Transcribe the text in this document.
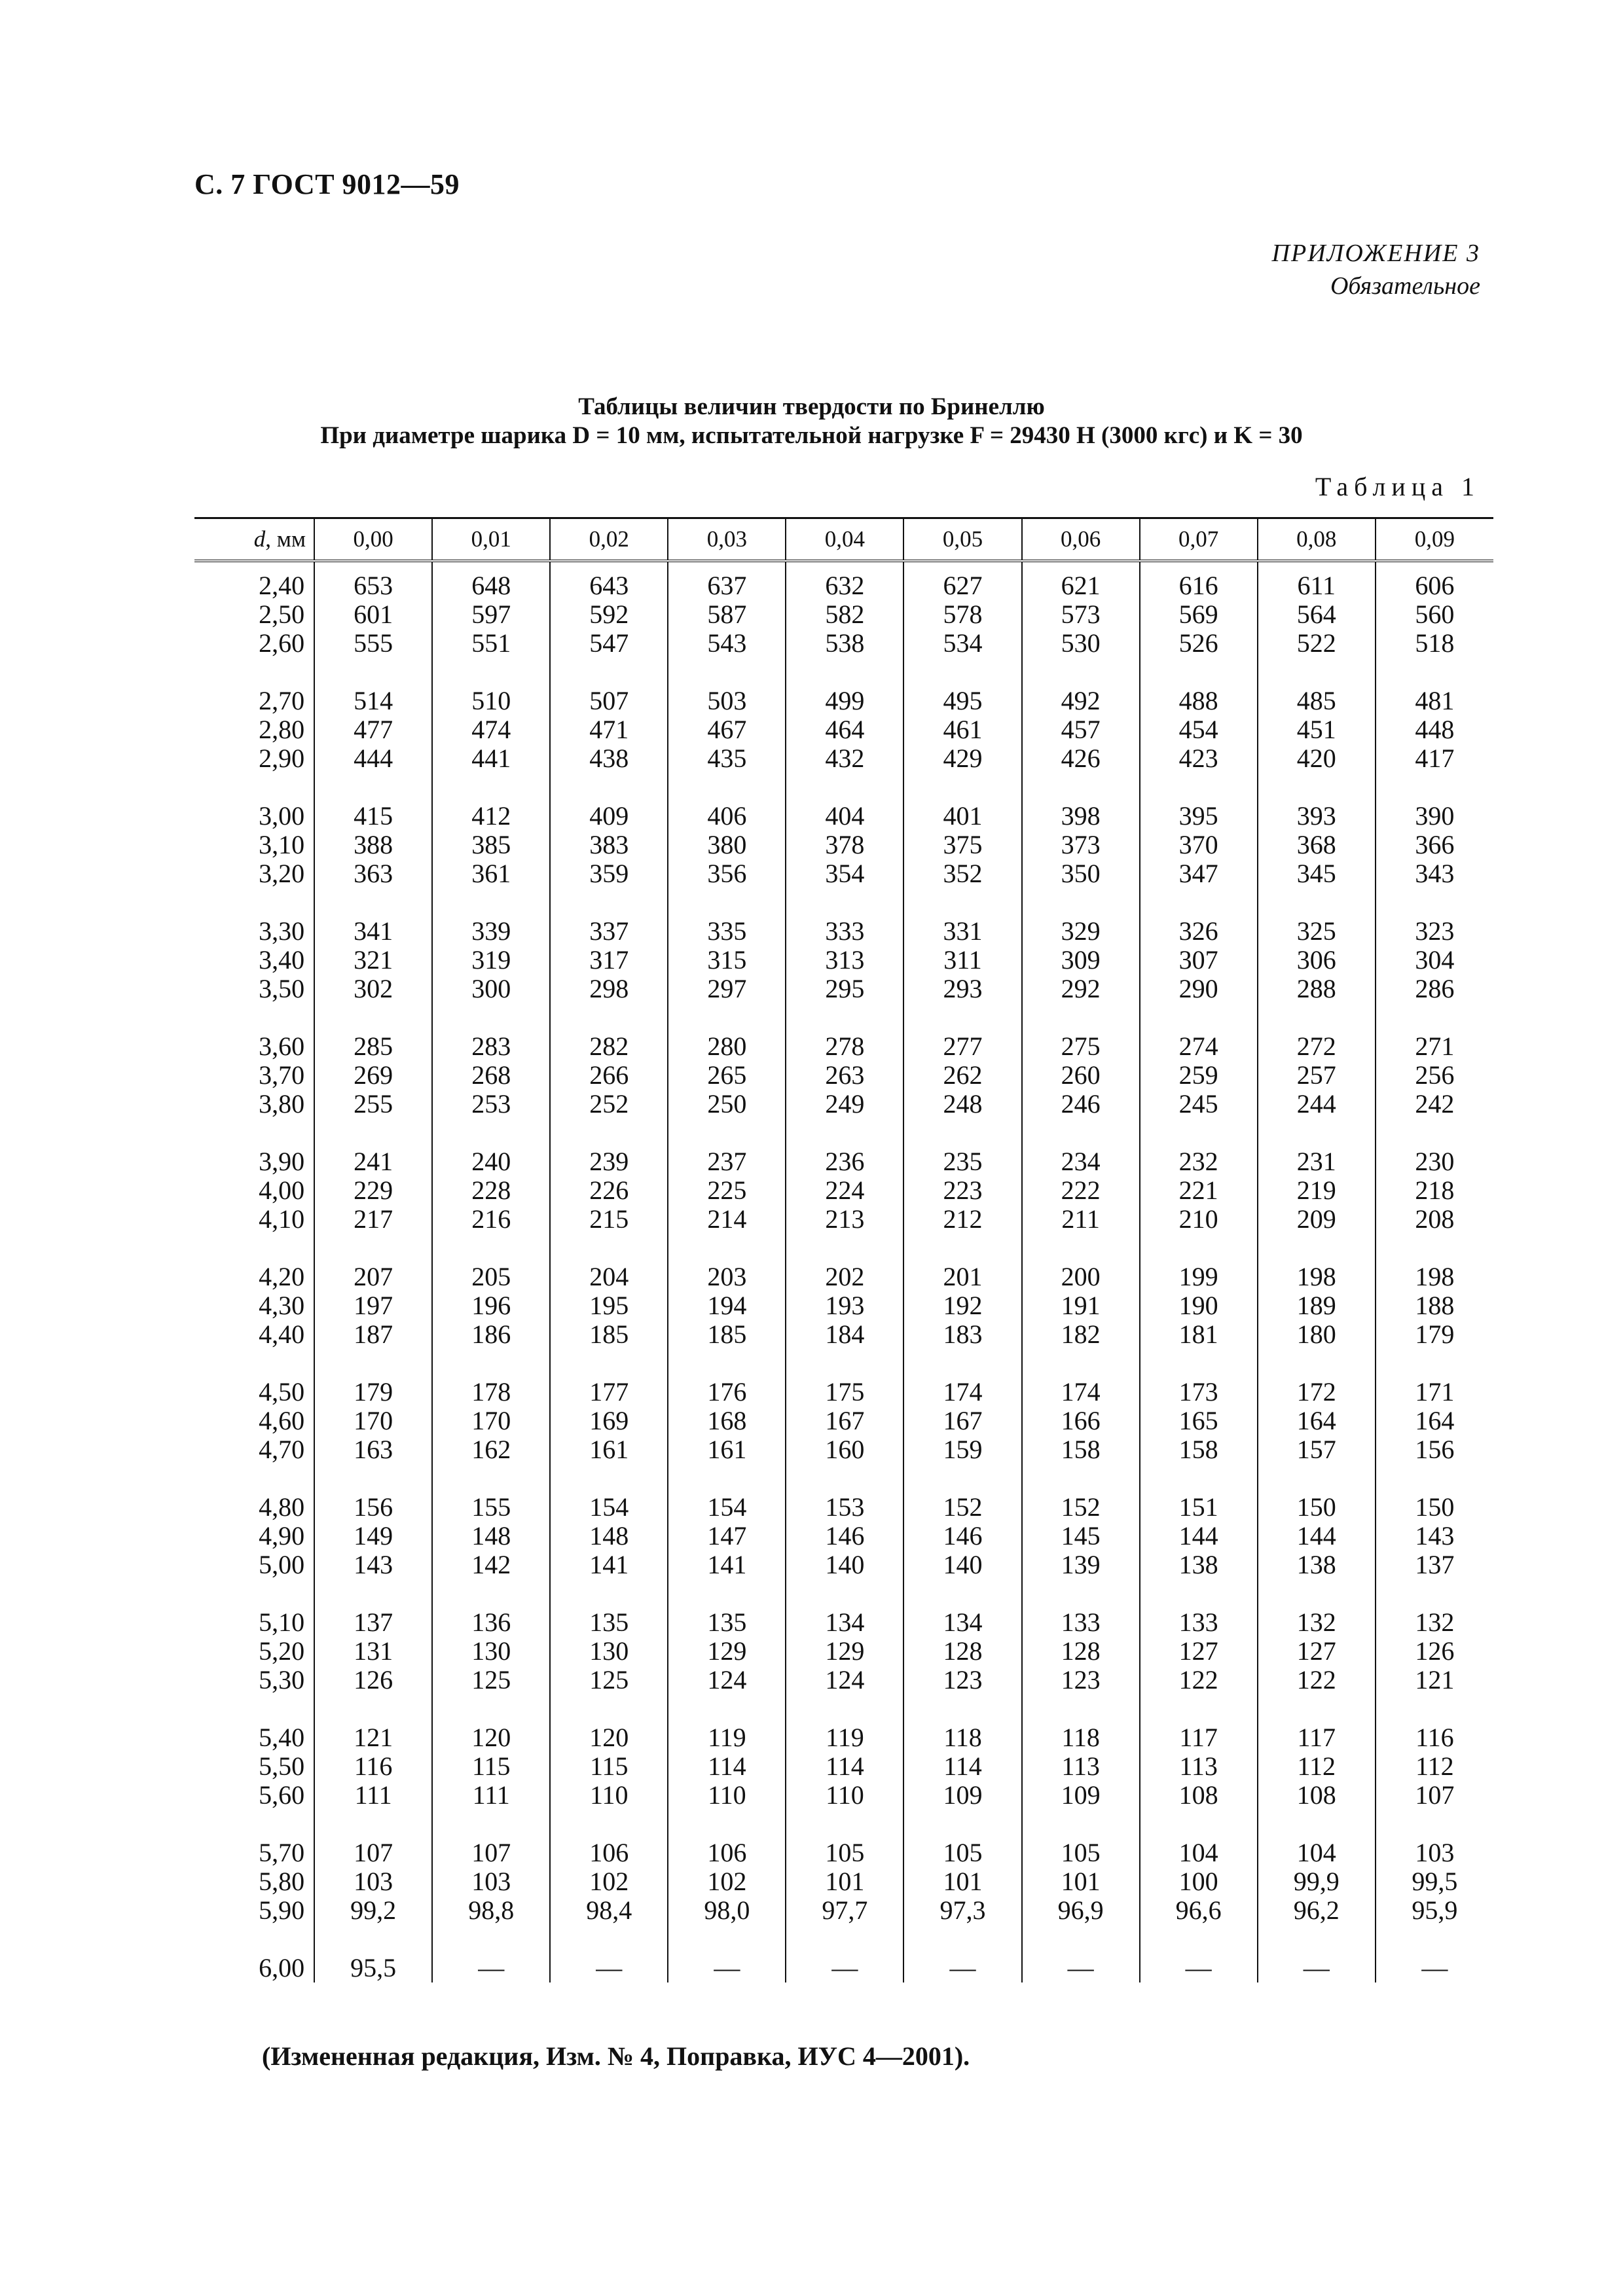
С. 7 ГОСТ 9012—59
ПРИЛОЖЕНИЕ 3
Обязательное
Таблицы величин твердости по Бринеллю
При диаметре шарика D = 10 мм, испытательной нагрузке F = 29430 Н (3000 кгс) и K = 30
Таблица 1
d, мм	0,00	0,01	0,02	0,03	0,04	0,05	0,06	0,07	0,08	0,09
2,40	653	648	643	637	632	627	621	616	611	606
2,50	601	597	592	587	582	578	573	569	564	560
2,60	555	551	547	543	538	534	530	526	522	518
2,70	514	510	507	503	499	495	492	488	485	481
2,80	477	474	471	467	464	461	457	454	451	448
2,90	444	441	438	435	432	429	426	423	420	417
3,00	415	412	409	406	404	401	398	395	393	390
3,10	388	385	383	380	378	375	373	370	368	366
3,20	363	361	359	356	354	352	350	347	345	343
3,30	341	339	337	335	333	331	329	326	325	323
3,40	321	319	317	315	313	311	309	307	306	304
3,50	302	300	298	297	295	293	292	290	288	286
3,60	285	283	282	280	278	277	275	274	272	271
3,70	269	268	266	265	263	262	260	259	257	256
3,80	255	253	252	250	249	248	246	245	244	242
3,90	241	240	239	237	236	235	234	232	231	230
4,00	229	228	226	225	224	223	222	221	219	218
4,10	217	216	215	214	213	212	211	210	209	208
4,20	207	205	204	203	202	201	200	199	198	198
4,30	197	196	195	194	193	192	191	190	189	188
4,40	187	186	185	185	184	183	182	181	180	179
4,50	179	178	177	176	175	174	174	173	172	171
4,60	170	170	169	168	167	167	166	165	164	164
4,70	163	162	161	161	160	159	158	158	157	156
4,80	156	155	154	154	153	152	152	151	150	150
4,90	149	148	148	147	146	146	145	144	144	143
5,00	143	142	141	141	140	140	139	138	138	137
5,10	137	136	135	135	134	134	133	133	132	132
5,20	131	130	130	129	129	128	128	127	127	126
5,30	126	125	125	124	124	123	123	122	122	121
5,40	121	120	120	119	119	118	118	117	117	116
5,50	116	115	115	114	114	114	113	113	112	112
5,60	111	111	110	110	110	109	109	108	108	107
5,70	107	107	106	106	105	105	105	104	104	103
5,80	103	103	102	102	101	101	101	100	99,9	99,5
5,90	99,2	98,8	98,4	98,0	97,7	97,3	96,9	96,6	96,2	95,9
6,00	95,5	—	—	—	—	—	—	—	—	—
(Измененная редакция, Изм. № 4, Поправка, ИУС 4—2001).
